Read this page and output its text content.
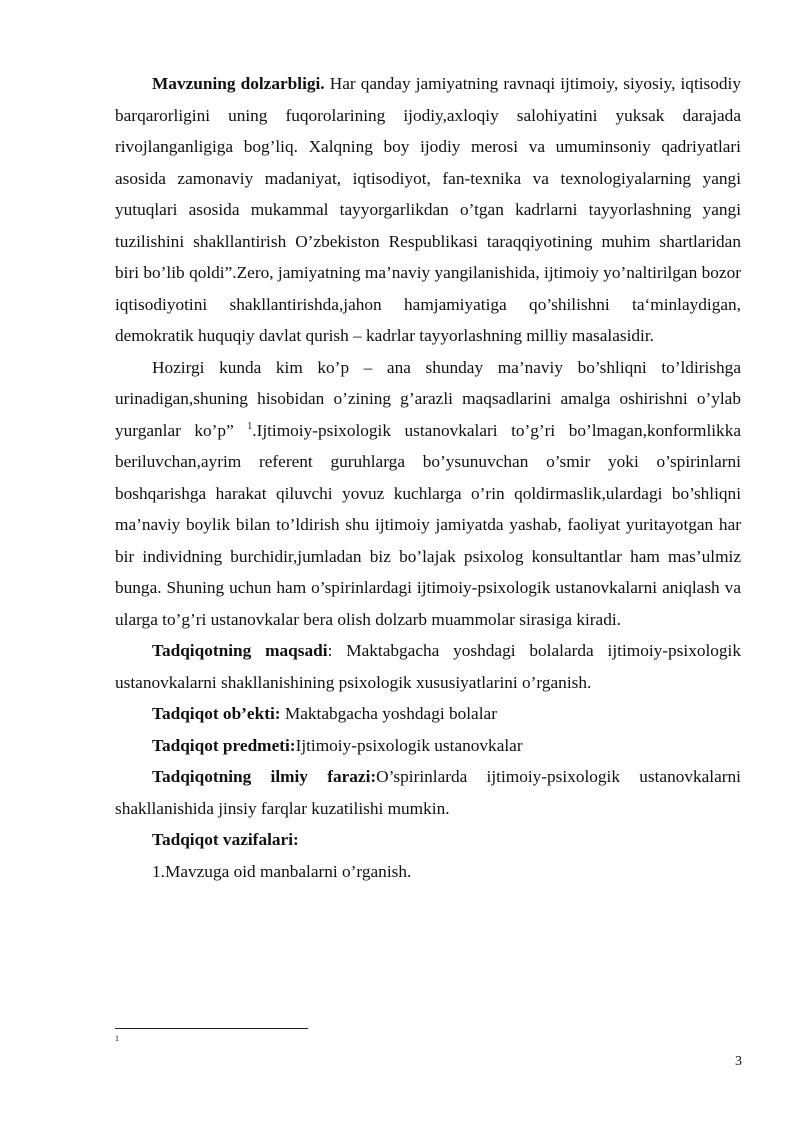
Mavzuning dolzarbligi. Har qanday jamiyatning ravnaqi ijtimoiy, siyosiy, iqtisodiy barqarorligini uning fuqorolarining ijodiy,axloqiy salohiyatini yuksak darajada rivojlanganligiga bog’liq. Xalqning boy ijodiy merosi va umuminsoniy qadriyatlari asosida zamonaviy madaniyat, iqtisodiyot, fan-texnika va texnologiyalarning yangi yutuqlari asosida mukammal tayyorgarlikdan o’tgan kadrlarni tayyorlashning yangi tuzilishini shakllantirish O’zbekiston Respublikasi taraqqiyotining muhim shartlaridan biri bo’lib qoldi”.Zero, jamiyatning ma’naviy yangilanishida, ijtimoiy yo’naltirilgan bozor iqtisodiyotini shakllantirishda,jahon hamjamiyatiga qo’shilishni ta‘minlaydigan, demokratik huquqiy davlat qurish – kadrlar tayyorlashning milliy masalasidir.

Hozirgi kunda kim ko’p – ana shunday ma’naviy bo’shliqni to’ldirishga urinadigan,shuning hisobidan o’zining g’arazli maqsadlarini amalga oshirishni o’ylab yurganlar ko’p” $^1$.Ijtimoiy-psixologik ustanovkalari to’g’ri bo’lmagan,konformlikka beriluvchan,ayrim referent guruhlarga bo’ysunuvchan o’smir yoki o’spirinlarni boshqarishga harakat qiluvchi yovuz kuchlarga o’rin qoldirmaslik,ulardagi bo’shliqni ma’naviy boylik bilan to’ldirish shu ijtimoiy jamiyatda yashab, faoliyat yuritayotgan har bir individning burchidir,jumladan biz bo’lajak psixolog konsultantlar ham mas’ulmiz bunga. Shuning uchun ham o’spirinlardagi ijtimoiy-psixologik ustanovkalarni aniqlash va ularga to’g’ri ustanovkalar bera olish dolzarb muammolar sirasiga kiradi.

Tadqiqotning maqsadi: Maktabgacha yoshdagi bolalarda ijtimoiy-psixologik ustanovkalarni shakllanishining psixologik xususiyatlarini o’rganish.

Tadqiqot ob’ekti: Maktabgacha yoshdagi bolalar

Tadqiqot predmeti:Ijtimoiy-psixologik ustanovkalar

Tadqiqotning ilmiy farazi:O’spirinlarda ijtimoiy-psixologik ustanovkalarni shakllanishida jinsiy farqlar kuzatilishi mumkin.

Tadqiqot vazifalari:

1.Mavzuga oid manbalarni o’rganish.

1
3
